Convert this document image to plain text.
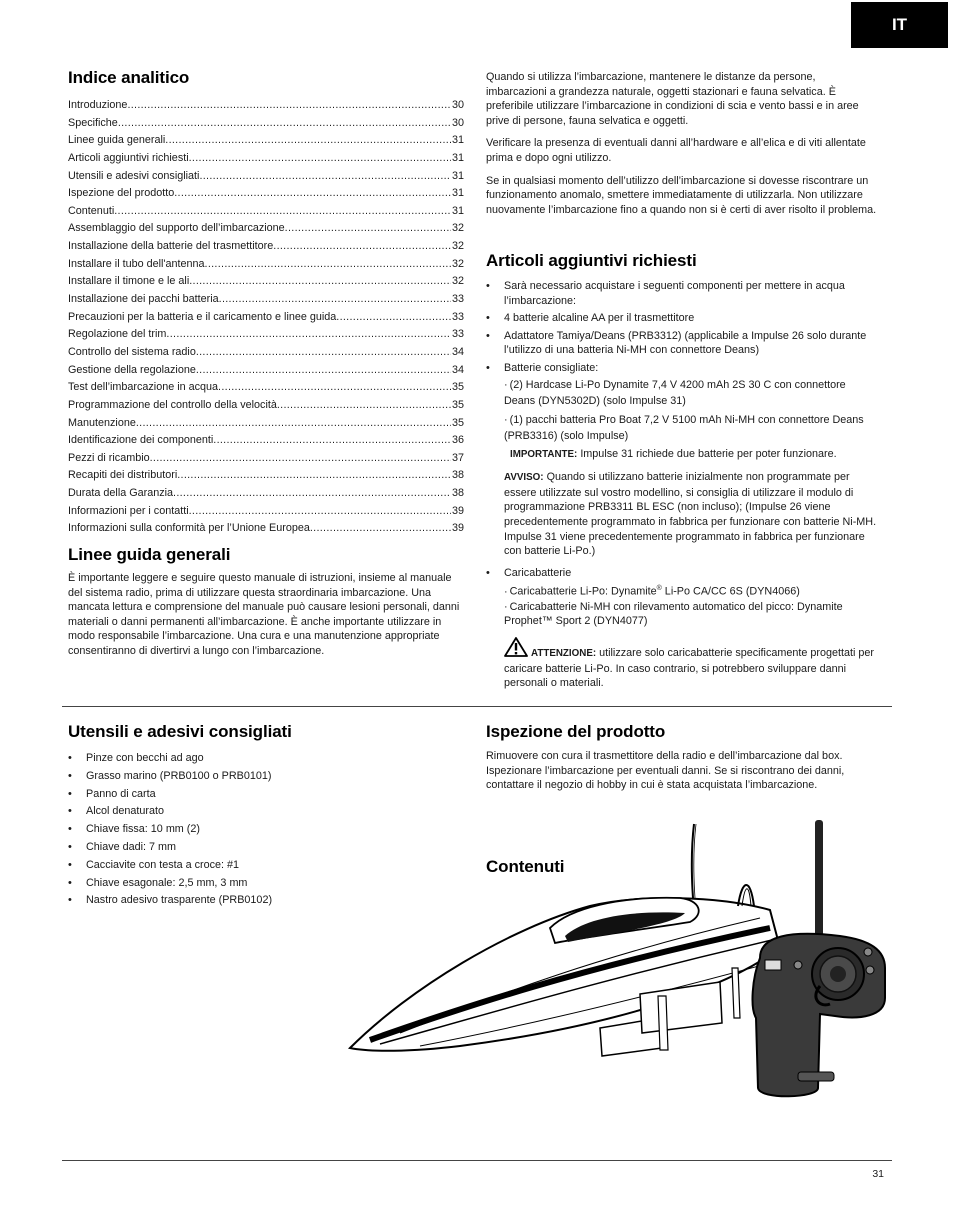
IT
Indice analitico
Introduzione .....	30
Specifiche .....	30
Linee guida generali .....	31
Articoli aggiuntivi richiesti .....	31
Utensili e adesivi consigliati .....	31
Ispezione del prodotto .....	31
Contenuti .....	31
Assemblaggio del supporto dell’imbarcazione .....	32
Installazione della batterie del trasmettitore .....	32
Installare il tubo dell'antenna .....	32
Installare il timone e le ali .....	32
Installazione dei pacchi batteria .....	33
Precauzioni per la batteria e il caricamento e linee guida .....	33
Regolazione del trim .....	33
Controllo del sistema radio .....	34
Gestione della regolazione .....	34
Test dell’imbarcazione in acqua .....	35
Programmazione del controllo della velocità .....	35
Manutenzione .....	35
Identificazione dei componenti .....	36
Pezzi di ricambio .....	37
Recapiti dei distributori .....	38
Durata della Garanzia .....	38
Informazioni per i contatti .....	39
Informazioni sulla conformità per l’Unione Europea .....	39
Linee guida generali

È importante leggere e seguire questo manuale di istruzioni, insieme al manuale del sistema radio, prima di utilizzare questa straordinaria imbarcazione. Una mancata lettura e comprensione del manuale può causare lesioni personali, danni materiali o danni permanenti all’imbarcazione. È anche importante utilizzare in modo responsabile l’imbarcazione. Una cura e una manutenzione appropriate consentiranno di divertirvi a lungo con l’imbarcazione.

Quando si utilizza l’imbarcazione, mantenere le distanze da persone, imbarcazioni a grandezza naturale, oggetti stazionari e fauna selvatica. È preferibile utilizzare l’imbarcazione in condizioni di scia e vento bassi e in aree prive di persone, fauna selvatica e oggetti.

Verificare la presenza di eventuali danni all’hardware e all’elica e di viti allentate prima e dopo ogni utilizzo.

Se in qualsiasi momento dell’utilizzo dell’imbarcazione si dovesse riscontrare un funzionamento anomalo, smettere immediatamente di utilizzarla. Non utilizzare nuovamente l’imbarcazione fino a quando non si è certi di aver risolto il problema.

Articoli aggiuntivi richiesti
• Sarà necessario acquistare i seguenti componenti per mettere in acqua l’imbarcazione:
• 4 batterie alcaline AA per il trasmettitore
• Adattatore Tamiya/Deans (PRB3312) (applicabile a Impulse 26 solo durante l’utilizzo di una batteria Ni-MH con connettore Deans)
• Batterie consigliate:
· (2) Hardcase Li-Po Dynamite 7,4 V 4200 mAh 2S 30 C con connettore Deans (DYN5302D) (solo Impulse 31)
· (1) pacchi batteria Pro Boat 7,2 V 5100 mAh Ni-MH con connettore Deans (PRB3316) (solo Impulse)
IMPORTANTE: Impulse 31 richiede due batterie per poter funzionare.
AVVISO: Quando si utilizzano batterie inizialmente non programmate per essere utilizzate sul vostro modellino, si consiglia di utilizzare il modulo di programmazione PRB3311 BL ESC (non incluso); (Impulse 26 viene precedentemente programmato in fabbrica per funzionare con batterie Ni-MH. Impulse 31 viene precedentemente programmato in fabbrica per funzionare con batterie Li-Po.)
• Caricabatterie
· Caricabatterie Li-Po: Dynamite® Li-Po CA/CC 6S (DYN4066)
· Caricabatterie Ni-MH con rilevamento automatico del picco: Dynamite Prophet™ Sport 2 (DYN4077)
ATTENZIONE: utilizzare solo caricabatterie specificamente progettati per caricare batterie Li-Po. In caso contrario, si potrebbero sviluppare danni personali o materiali.
Utensili e adesivi consigliati
• Pinze con becchi ad ago
• Grasso marino (PRB0100 o PRB0101)
• Panno di carta
• Alcol denaturato
• Chiave fissa: 10 mm (2)
• Chiave dadi: 7 mm
• Cacciavite con testa a croce: #1
• Chiave esagonale: 2,5 mm, 3 mm
• Nastro adesivo trasparente (PRB0102)
Ispezione del prodotto

Rimuovere con cura il trasmettitore della radio e dell’imbarcazione dal box. Ispezionare l’imbarcazione per eventuali danni. Se si riscontrano dei danni, contattare il negozio di hobby in cui è stata acquistata l’imbarcazione.

Contenuti
31
